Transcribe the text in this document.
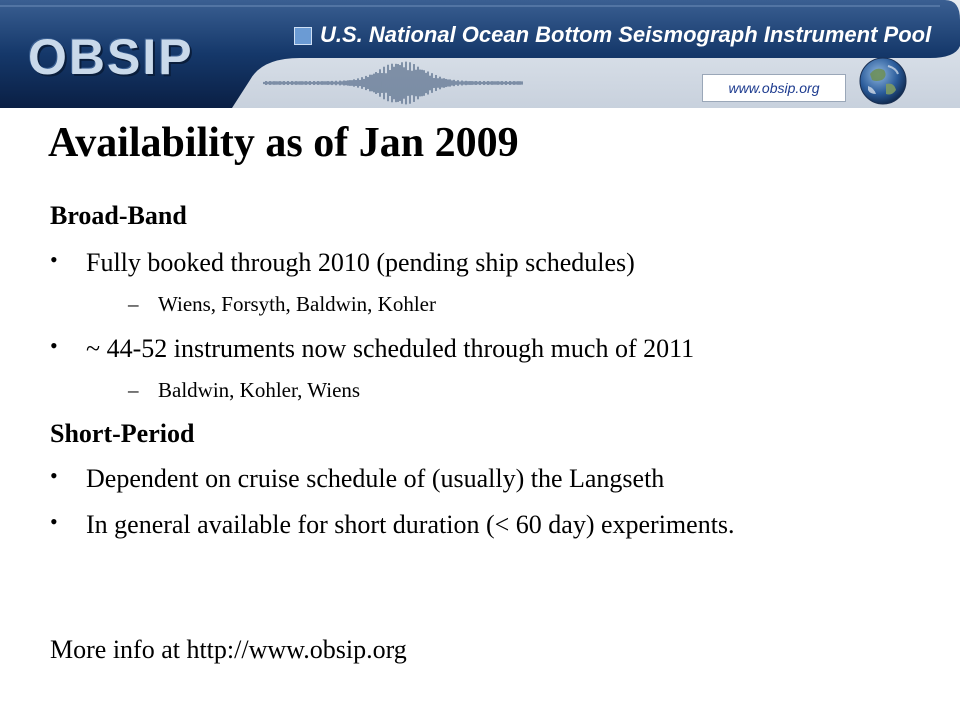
OBSIP	U.S. National Ocean Bottom Seismograph Instrument Pool
www.obsip.org
Availability as of Jan 2009
Broad-Band
• Fully booked through 2010 (pending ship schedules)
– Wiens, Forsyth, Baldwin, Kohler
• ~ 44-52 instruments now scheduled through much of 2011
– Baldwin, Kohler, Wiens
Short-Period
• Dependent on cruise schedule of (usually) the Langseth
• In general available for short duration (< 60 day) experiments.
More info at http://www.obsip.org
